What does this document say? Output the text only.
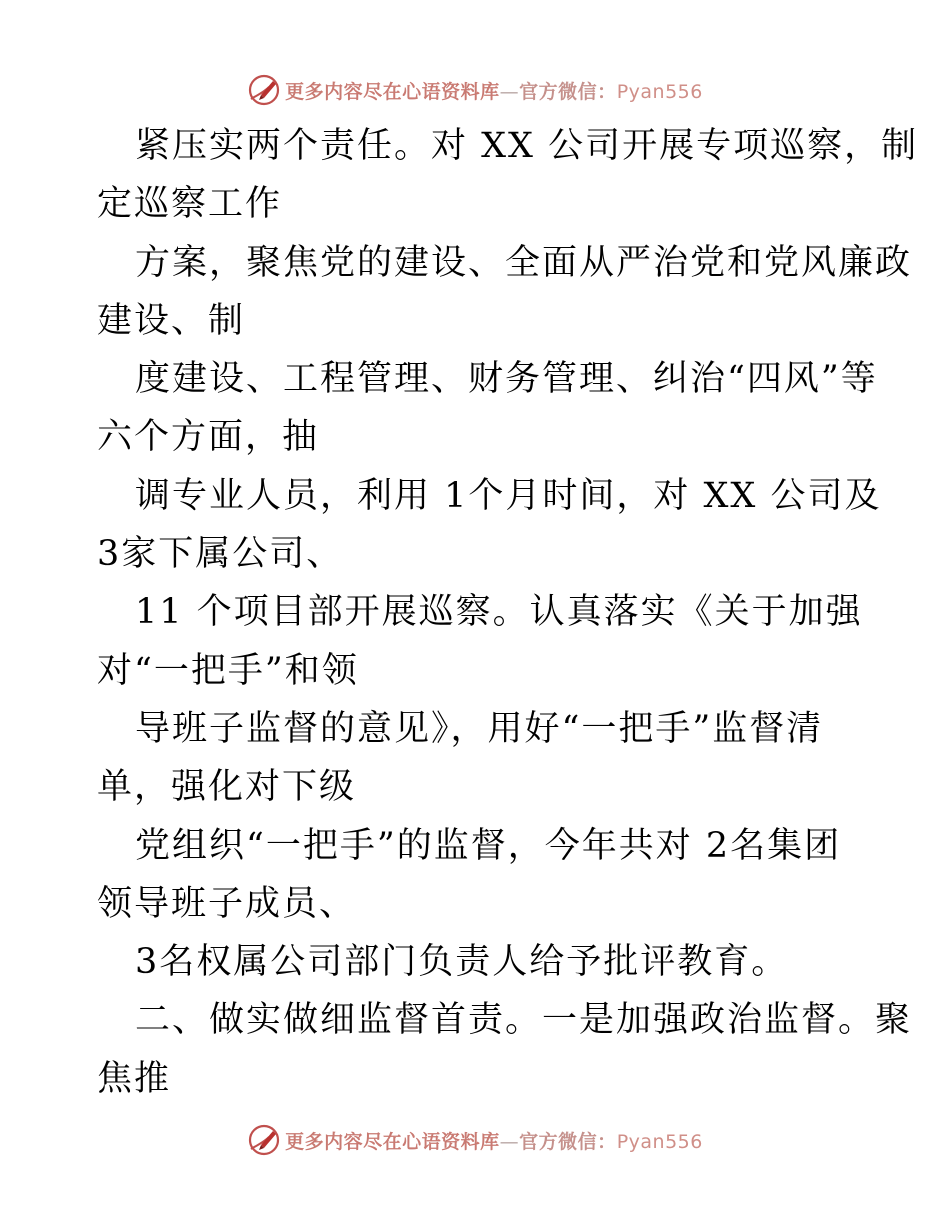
更多内容尽在心语资料库—官方微信：Pyan556
紧压实两个责任。对 XX 公司开展专项巡察，制
定巡察工作
方案，聚焦党的建设、全面从严治党和党风廉政
建设、制
度建设、工程管理、财务管理、纠治“四风”等
六个方面，抽
调专业人员，利用 1个月时间，对 XX 公司及
3家下属公司、
11 个项目部开展巡察。认真落实《关于加强
对“一把手”和领
导班子监督的意见》，用好“一把手”监督清
单，强化对下级
党组织“一把手”的监督，今年共对 2名集团
领导班子成员、
3名权属公司部门负责人给予批评教育。
二、做实做细监督首责。一是加强政治监督。聚
焦推
更多内容尽在心语资料库—官方微信：Pyan556
